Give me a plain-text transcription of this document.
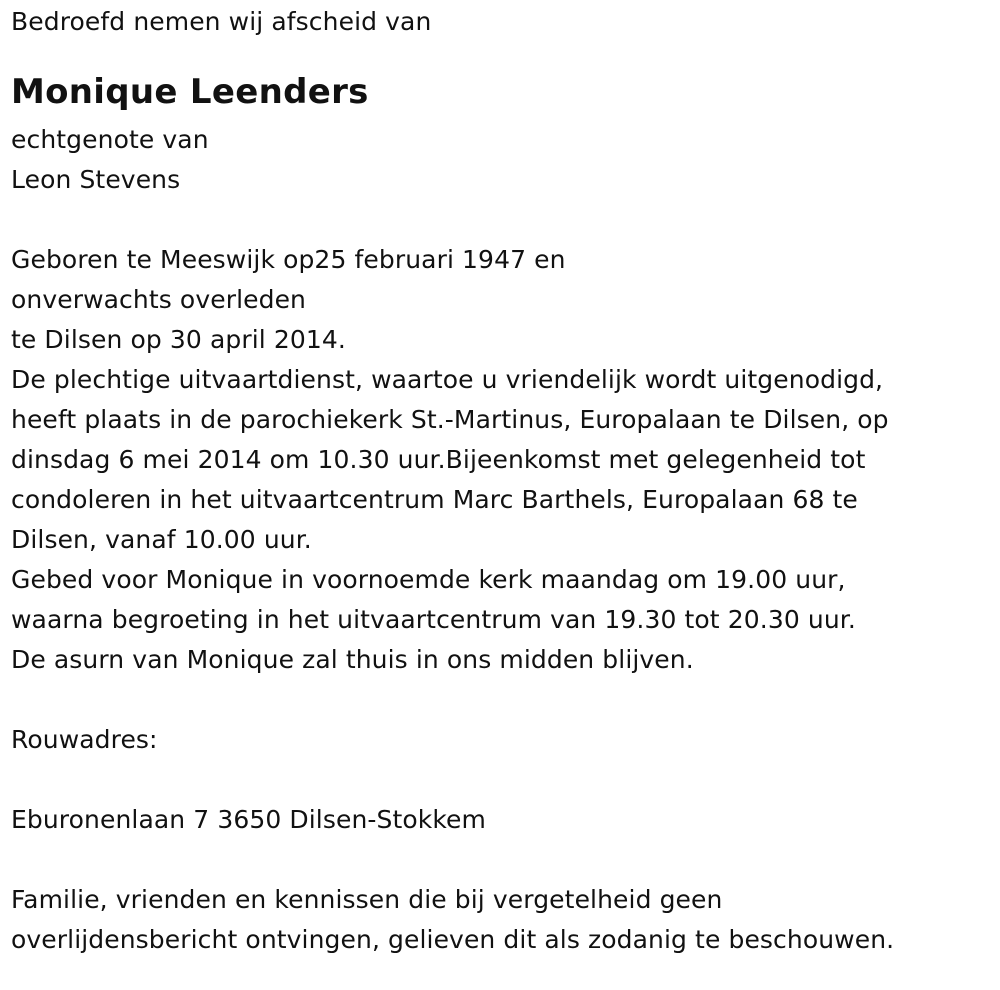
Bedroefd nemen wij afscheid van
Monique Leenders
echtgenote van
Leon Stevens
Geboren te Meeswijk op25 februari 1947 en
onverwachts overleden
te Dilsen op 30 april 2014.
De plechtige uitvaartdienst, waartoe u vriendelijk wordt uitgenodigd,
heeft plaats in de parochiekerk St.-Martinus, Europalaan te Dilsen, op
dinsdag 6 mei 2014 om 10.30 uur.Bijeenkomst met gelegenheid tot
condoleren in het uitvaartcentrum Marc Barthels, Europalaan 68 te
Dilsen, vanaf 10.00 uur.
Gebed voor Monique in voornoemde kerk maandag om 19.00 uur,
waarna begroeting in het uitvaartcentrum van 19.30 tot 20.30 uur.
De asurn van Monique zal thuis in ons midden blijven.
Rouwadres:
Eburonenlaan 7 3650 Dilsen-Stokkem
Familie, vrienden en kennissen die bij vergetelheid geen
overlijdensbericht ontvingen, gelieven dit als zodanig te beschouwen.
